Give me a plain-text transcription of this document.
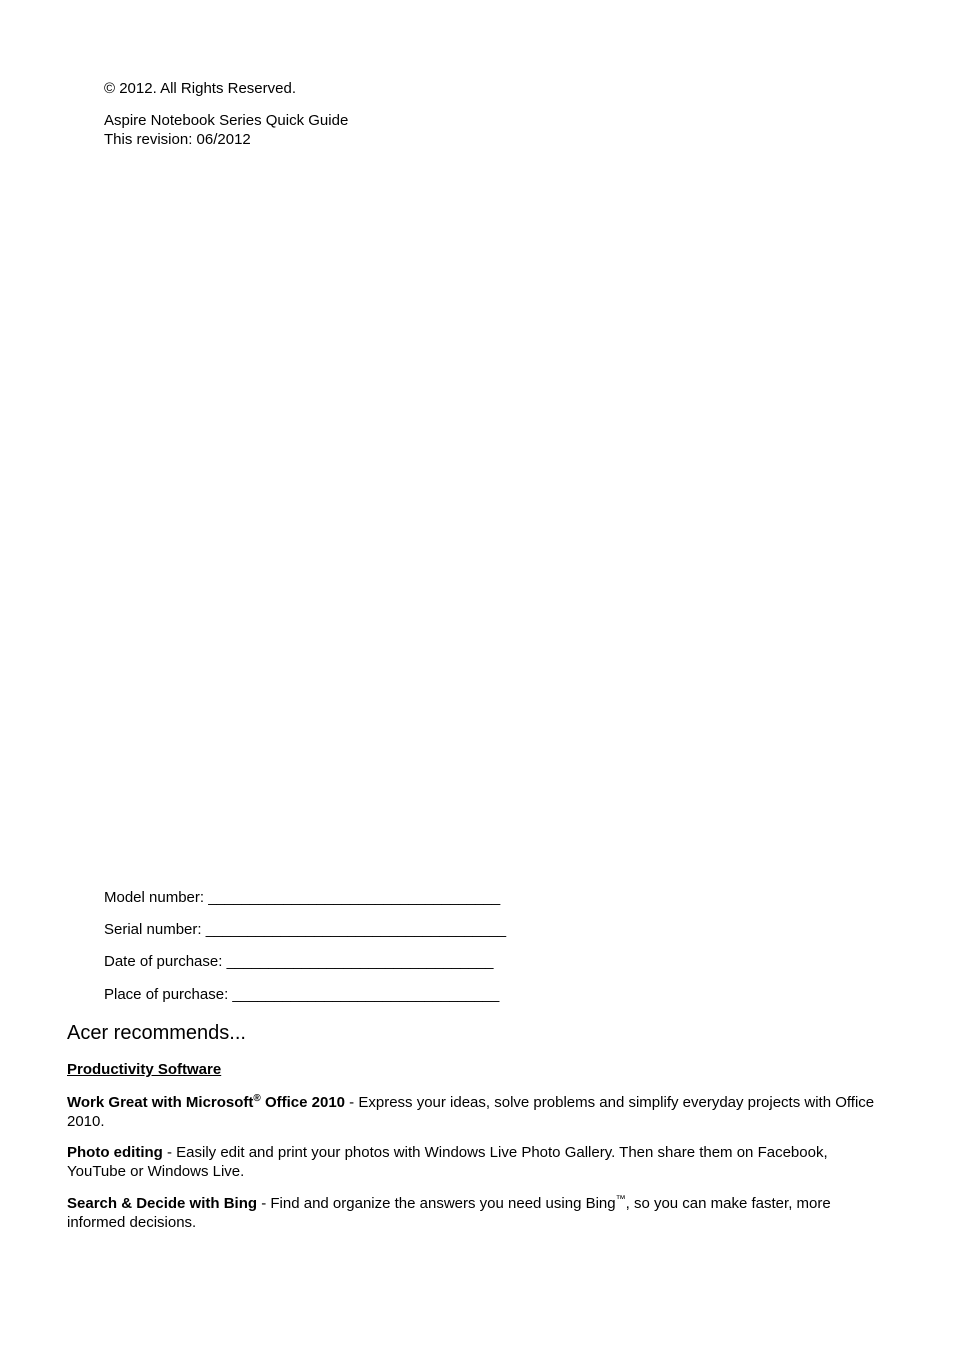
© 2012. All Rights Reserved.
Aspire Notebook Series Quick Guide
This revision: 06/2012
Model number: ___________________________________
Serial number: ____________________________________
Date of purchase: ________________________________
Place of purchase: ________________________________
Acer recommends...
Productivity Software
Work Great with Microsoft® Office 2010 - Express your ideas, solve problems and simplify everyday projects with Office 2010.
Photo editing - Easily edit and print your photos with Windows Live Photo Gallery. Then share them on Facebook, YouTube or Windows Live.
Search & Decide with Bing - Find and organize the answers you need using Bing™, so you can make faster, more informed decisions.
